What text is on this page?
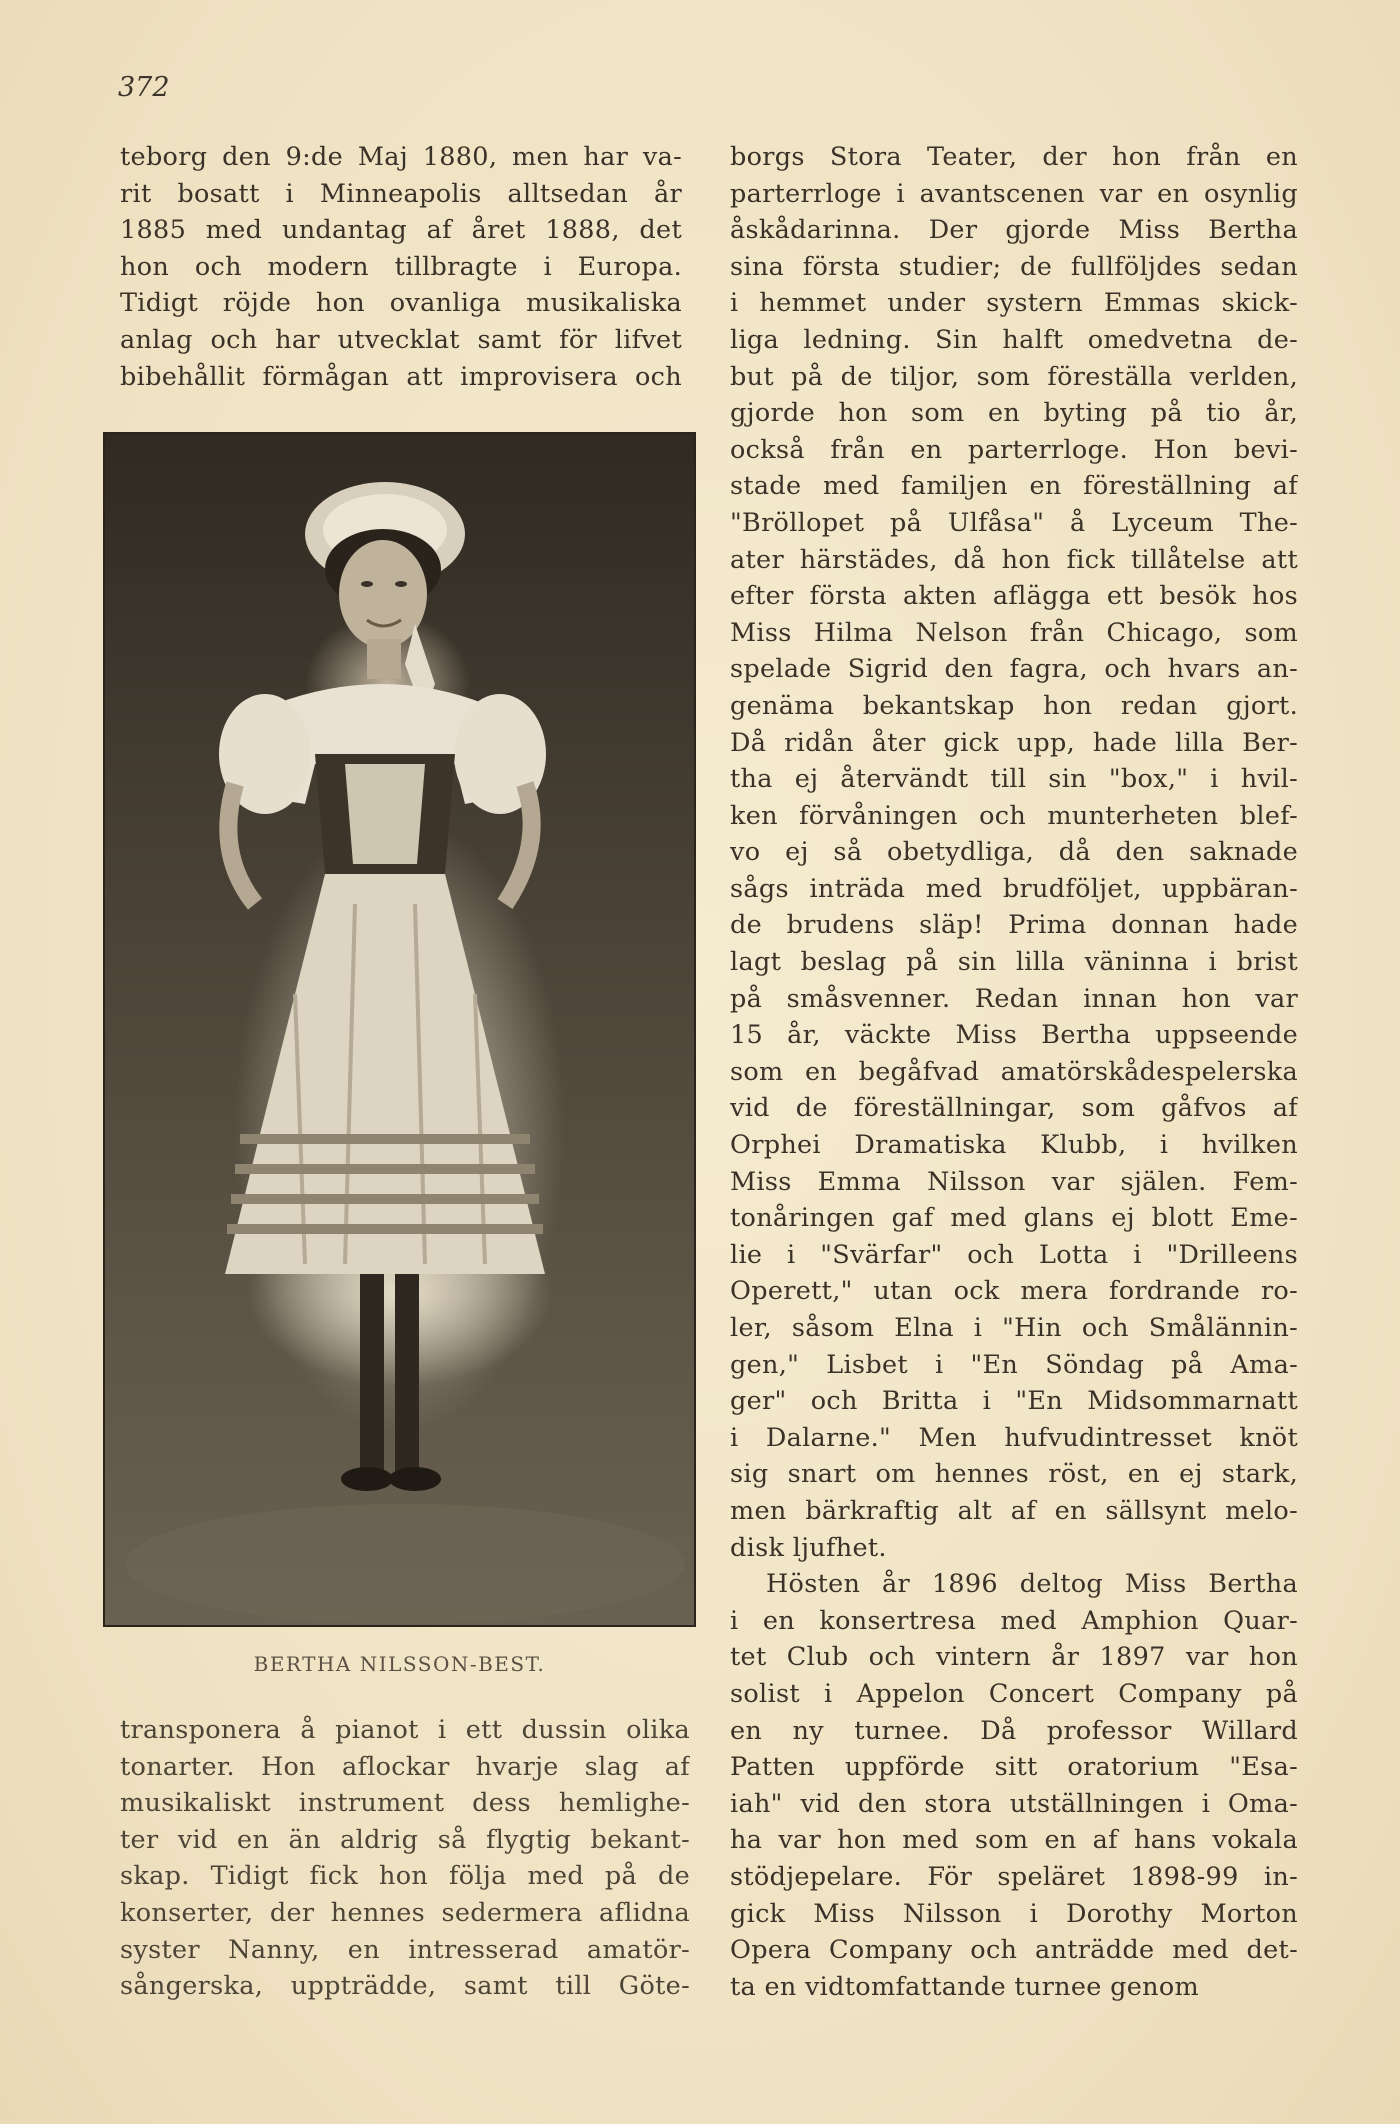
372
teborg den 9:de Maj 1880, men har va-
rit bosatt i Minneapolis alltsedan år
1885 med undantag af året 1888, det
hon och modern tillbragte i Europa.
Tidigt röjde hon ovanliga musikaliska
anlag och har utvecklat samt för lifvet
bibehållit förmågan att improvisera och
BERTHA NILSSON-BEST.
transponera å pianot i ett dussin olika
tonarter. Hon aflockar hvarje slag af
musikaliskt instrument dess hemlighe-
ter vid en än aldrig så flygtig bekant-
skap. Tidigt fick hon följa med på de
konserter, der hennes sedermera aflidna
syster Nanny, en intresserad amatör-
sångerska, uppträdde, samt till Göte-
borgs Stora Teater, der hon från en
parterrloge i avantscenen var en osynlig
åskådarinna. Der gjorde Miss Bertha
sina första studier; de fullföljdes sedan
i hemmet under systern Emmas skick-
liga ledning. Sin halft omedvetna de-
but på de tiljor, som föreställa verlden,
gjorde hon som en byting på tio år,
också från en parterrloge. Hon bevi-
stade med familjen en föreställning af
"Bröllopet på Ulfåsa" å Lyceum The-
ater härstädes, då hon fick tillåtelse att
efter första akten aflägga ett besök hos
Miss Hilma Nelson från Chicago, som
spelade Sigrid den fagra, och hvars an-
genäma bekantskap hon redan gjort.
Då ridån åter gick upp, hade lilla Ber-
tha ej återvändt till sin "box," i hvil-
ken förvåningen och munterheten blef-
vo ej så obetydliga, då den saknade
sågs inträda med brudföljet, uppbäran-
de brudens släp! Prima donnan hade
lagt beslag på sin lilla väninna i brist
på småsvenner. Redan innan hon var
15 år, väckte Miss Bertha uppseende
som en begåfvad amatörskådespelerska
vid de föreställningar, som gåfvos af
Orphei Dramatiska Klubb, i hvilken
Miss Emma Nilsson var själen. Fem-
tonåringen gaf med glans ej blott Eme-
lie i "Svärfar" och Lotta i "Drilleens
Operett," utan ock mera fordrande ro-
ler, såsom Elna i "Hin och Smålännin-
gen," Lisbet i "En Söndag på Ama-
ger" och Britta i "En Midsommarnatt
i Dalarne." Men hufvudintresset knöt
sig snart om hennes röst, en ej stark,
men bärkraftig alt af en sällsynt melo-
disk ljufhet.
Hösten år 1896 deltog Miss Bertha
i en konsertresa med Amphion Quar-
tet Club och vintern år 1897 var hon
solist i Appelon Concert Company på
en ny turnee. Då professor Willard
Patten uppförde sitt oratorium "Esa-
iah" vid den stora utställningen i Oma-
ha var hon med som en af hans vokala
stödjepelare. För speläret 1898-99 in-
gick Miss Nilsson i Dorothy Morton
Opera Company och anträdde med det-
ta en vidtomfattande turnee genom
